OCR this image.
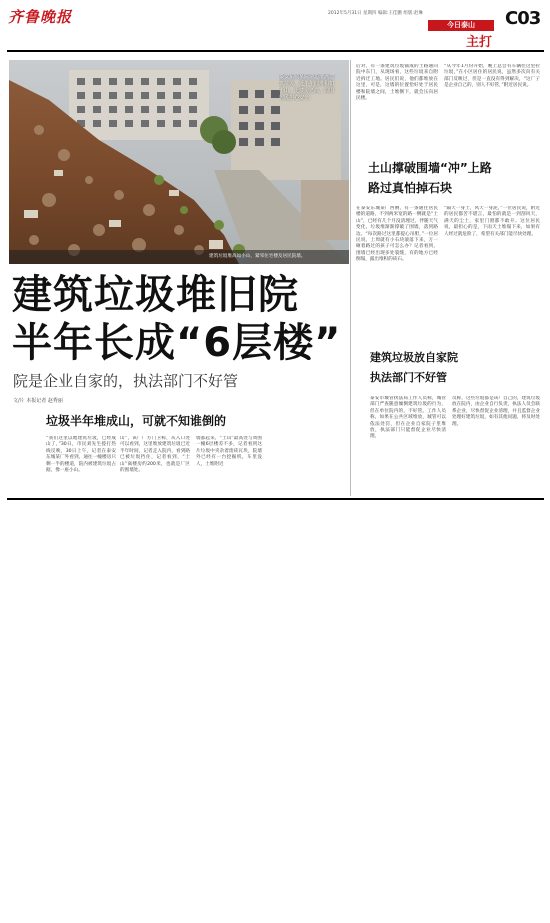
齐鲁晚报	2012年5月31日 星期四 编辑:王佳鹏 组版:赵琳
今日泰山
主打
C03
泰安东城某院墙边堆满建筑垃圾，近半年间堆积如小山，比楼房还高，周围居民担心安全。
建筑垃圾堆高如小山，紧邻住宅楼及居民院墙。
建筑垃圾堆旧院
半年长成“6层楼”
院是企业自家的，执法部门不好管
文/片 本报记者 赵秀丽
垃圾半年堆成山，可就不知谁倒的
“我们这里以地建筑垃圾，已经成山了，”30日，市民刘先生拨打热线反映，30日上午，记者在泰安东城某厂外看到，通往一幢楼房只剩一半的楼道，院内被建筑垃圾占据，像一座小山。
山”，该厂厂方门卫称，从入口处可以看到，这里堆放建筑垃圾已近半年时间，记者走入院内，看到路已被垃圾挡住，记者看到，“土山”离楼房约200米，也就是厂区的围墙处。
墙都起来，“土山”最高处与周围一幢6层楼差不多，记者看到这片垃圾中夹杂着废砖瓦块，院墙外已经有一台挖掘机，车里没人，土堆附近
后对，有一条建筑垃圾铺成的土路通向院中东门，从现场看，这些垃圾来自附近拆迁工地。居民们说，他们都堆放在这里，可是，这墙的位置恰好处于居民楼和院墙之间，土堆倒下，就会压向居民楼。
“从今年1月份开始，晚上总会有车辆往这里拉垃圾，”在小区居住的居民说，虽然多次向有关部门反映过，但是一直没有得到解决，“这厂子是企业自己的，别人不好管，”附近居民说。
土山撑破围墙“冲”上路
路过真怕掉石块
在泰安东城某厂西侧，有一条通往居民楼的道路，不到两米宽的路一侧就是“土山”，已经有几个月没清理过，伴随天气变化，垃圾堆渐渐撑破了围墙，落到路边。“每次路过这里都提心吊胆，”一位居民说，上周就有小石块滚落下来，万一砸着路过的孩子可怎么办？记者看到，围墙已经出现多处裂缝，有的地方已经倒塌，露出堆积的砖石。
“隔天一身土，风天一身泥，”一位居民说，附近的居民都苦不堪言，最怕的就是一到刮风天，满天的尘土，家里门窗都不敢开。这位居民说，最担心的是，下雨天土堆塌下来，如果有人经过就危险了，希望有关部门能尽快处理。
建筑垃圾放自家院
执法部门不好管
泰安市城管执法局工作人员称，城管部门严查随意倾倒建筑垃圾的行为，但在单位院内的，不好管。工作人员称，如果在公共区域堆放，城管可以依法处罚，但在企业自家院子里堆放，执法部门只能督促企业尽快清理。
员称，这些垃圾都是该厂自己的，建筑垃圾放在院内，由企业自行负责，执法人员会联系企业，尽快督促企业清理，并且监督企业处理好建筑垃圾，如有其他问题，将及时处理。
